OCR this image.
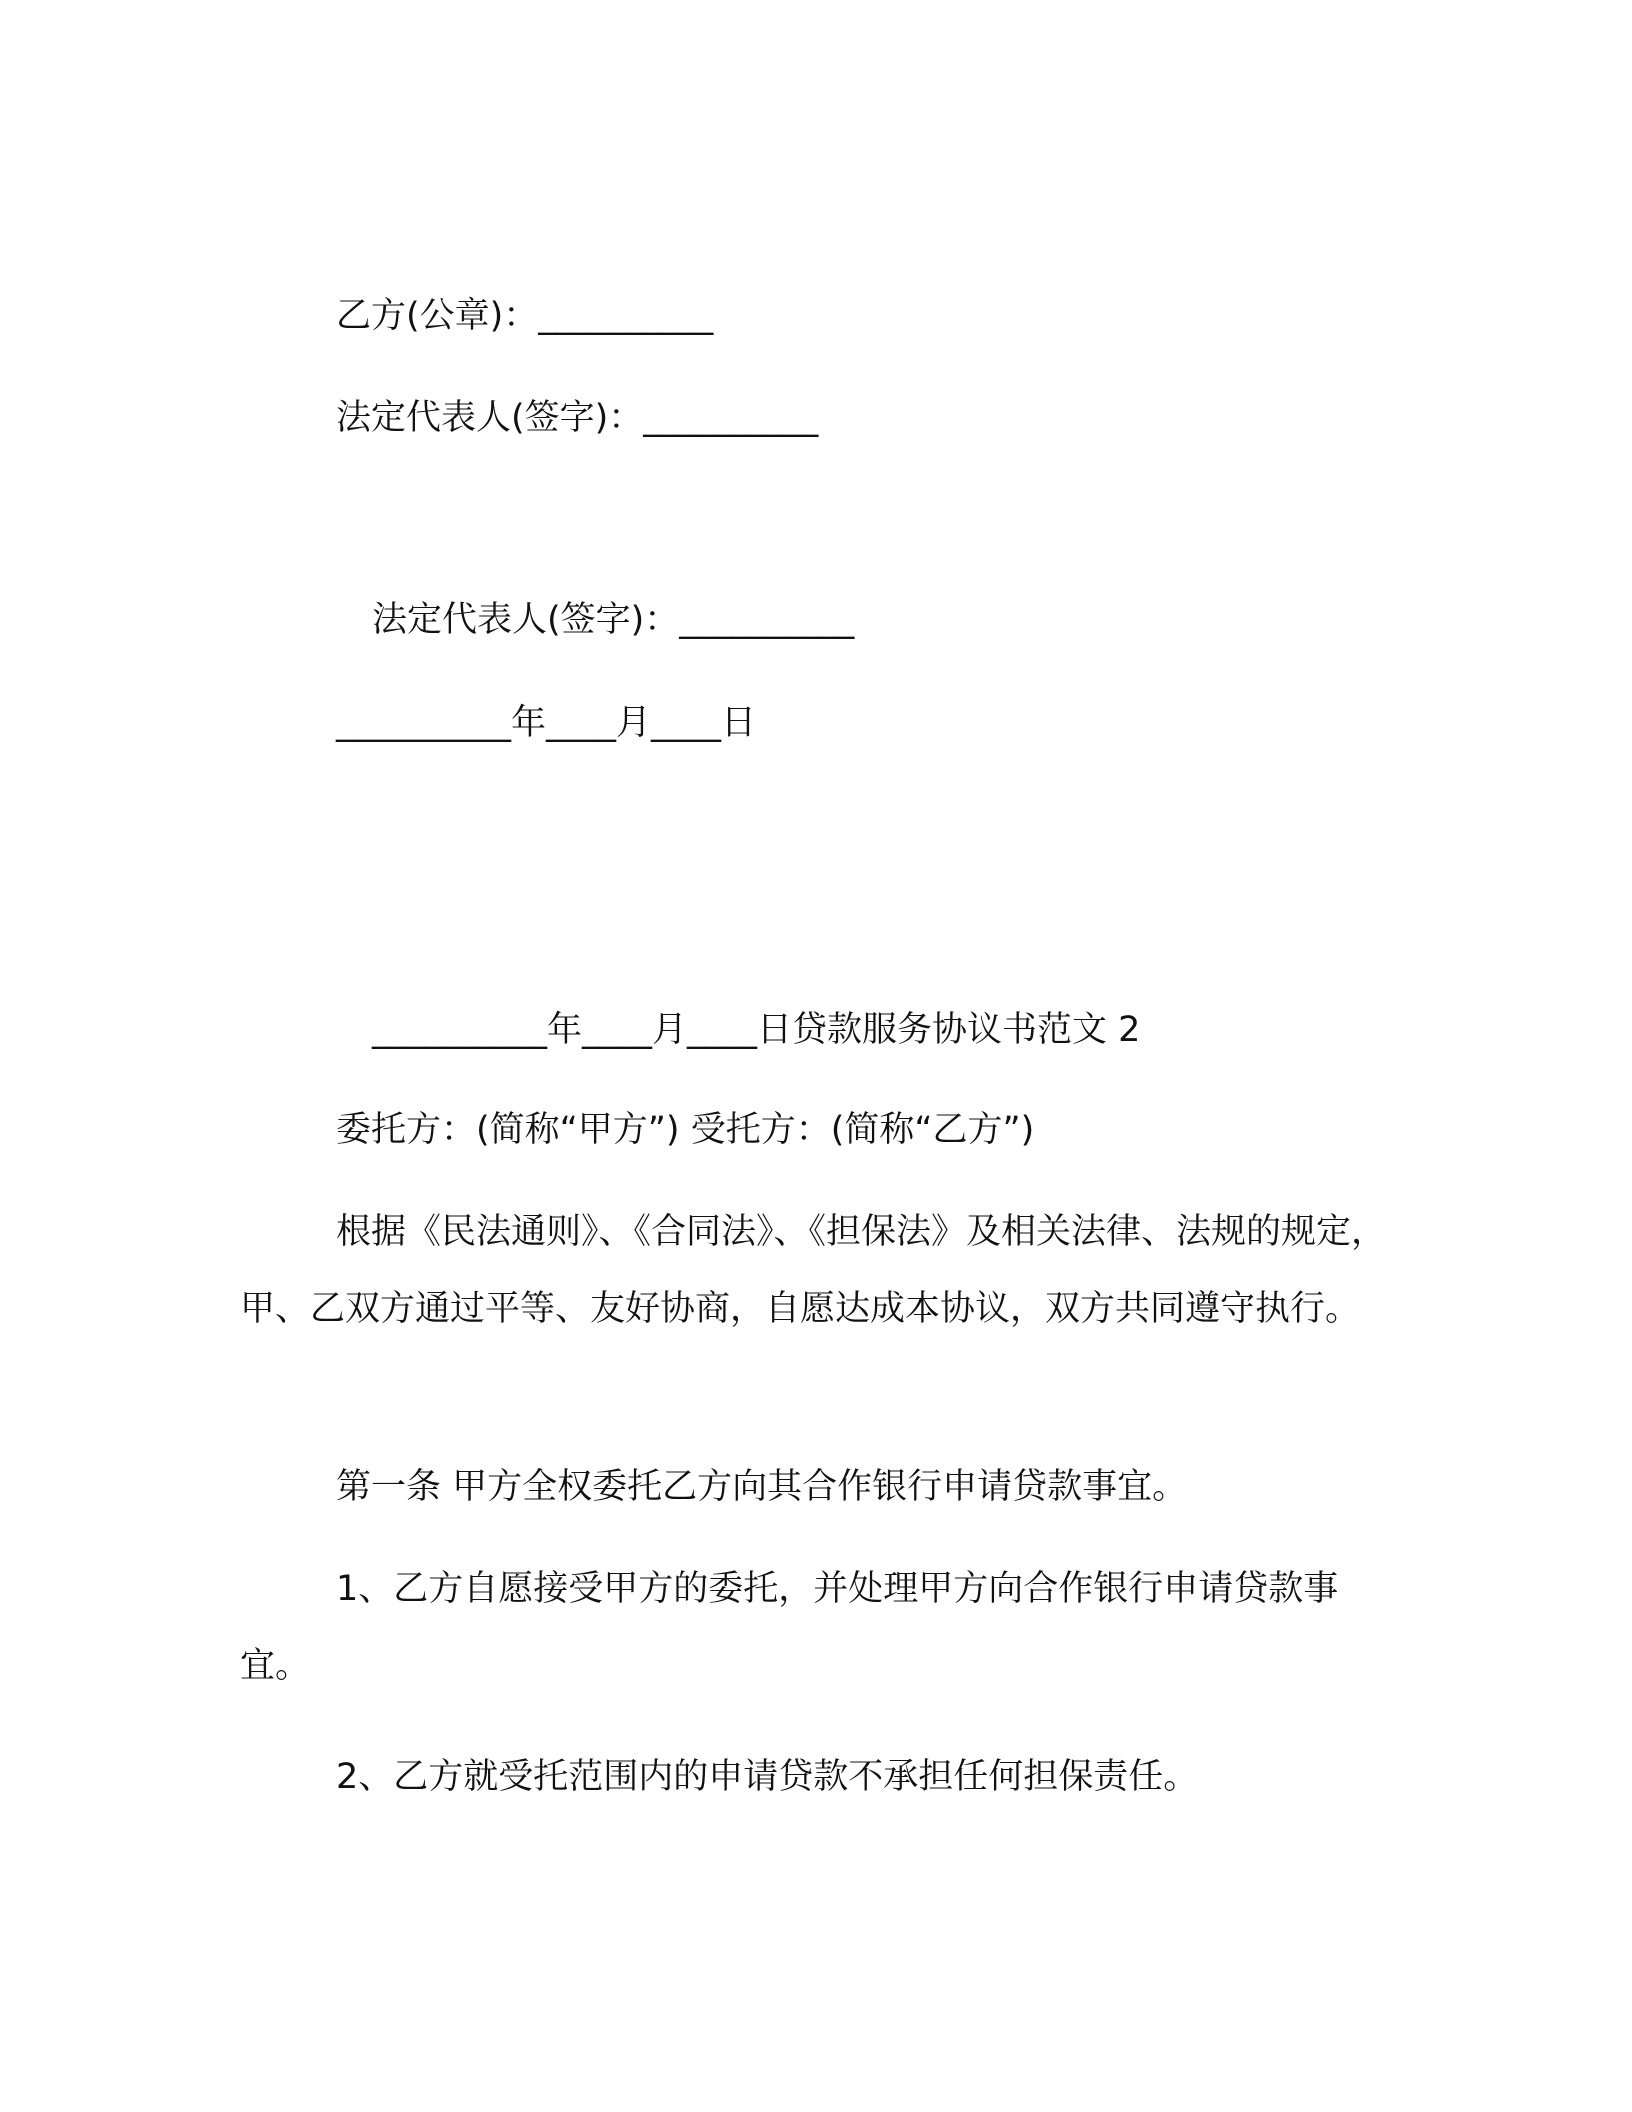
乙方(公章)：__________

法定代表人(签字)：__________

法定代表人(签字)：__________

__________年____月____日

__________年____月____日贷款服务协议书范文 2

委托方：(简称“甲方”) 受托方：(简称“乙方”)

根据《民法通则》、《合同法》、《担保法》及相关法律、法规的规定，甲、乙双方通过平等、友好协商，自愿达成本协议，双方共同遵守执行。

第一条 甲方全权委托乙方向其合作银行申请贷款事宜。

1、乙方自愿接受甲方的委托，并处理甲方向合作银行申请贷款事宜。

2、乙方就受托范围内的申请贷款不承担任何担保责任。
